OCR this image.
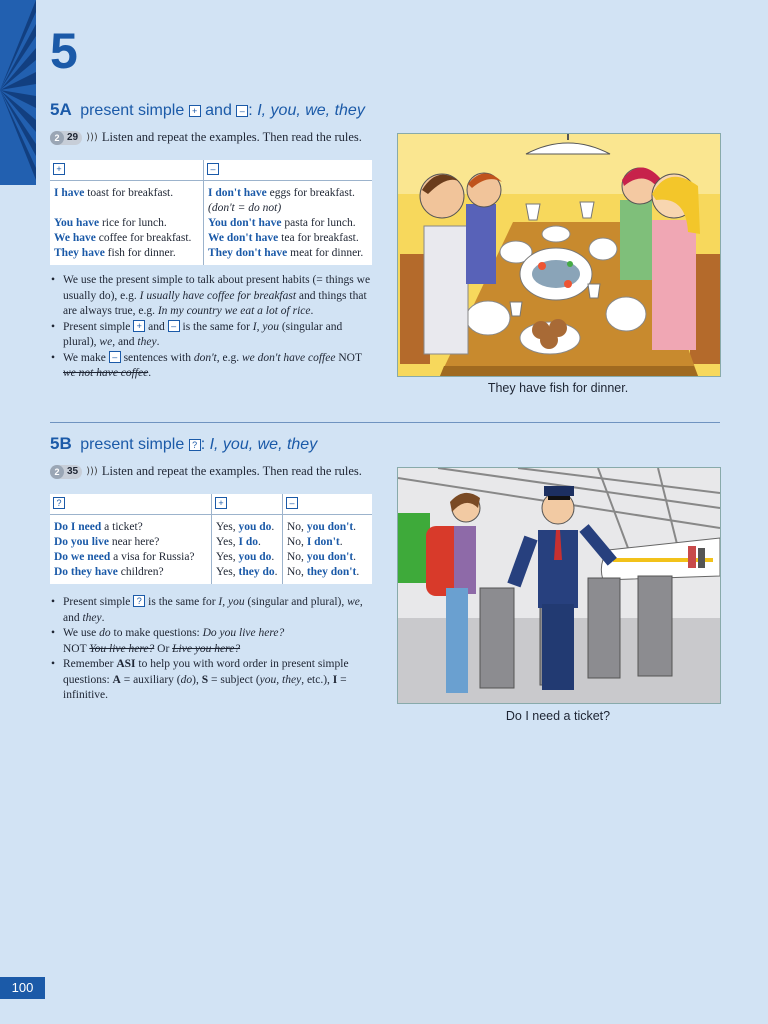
5
5A present simple + and – : I, you, we, they
2 29 ))) Listen and repeat the examples. Then read the rules.
+	–
I have toast for breakfast.	I don't have eggs for breakfast.
(don't = do not)
You have rice for lunch.	You don't have pasta for lunch.
We have coffee for breakfast.	We don't have tea for breakfast.
They have fish for dinner.	They don't have meat for dinner.
• We use the present simple to talk about present habits (= things we usually do), e.g. I usually have coffee for breakfast and things that are always true, e.g. In my country we eat a lot of rice.
• Present simple + and – is the same for I, you (singular and plural), we, and they.
• We make – sentences with don't, e.g. we don't have coffee NOT we not have coffee.
They have fish for dinner.
5B present simple ? : I, you, we, they
2 35 ))) Listen and repeat the examples. Then read the rules.
?	+	–
Do I need a ticket?	Yes, you do.	No, you don't.
Do you live near here?	Yes, I do.	No, I don't.
Do we need a visa for Russia?	Yes, you do.	No, you don't.
Do they have children?	Yes, they do.	No, they don't.
• Present simple ? is the same for I, you (singular and plural), we, and they.
• We use do to make questions: Do you live here?
NOT You live here? Or Live you here?
• Remember ASI to help you with word order in present simple questions: A = auxiliary (do), S = subject (you, they, etc.), I = infinitive.
Do I need a ticket?
100
